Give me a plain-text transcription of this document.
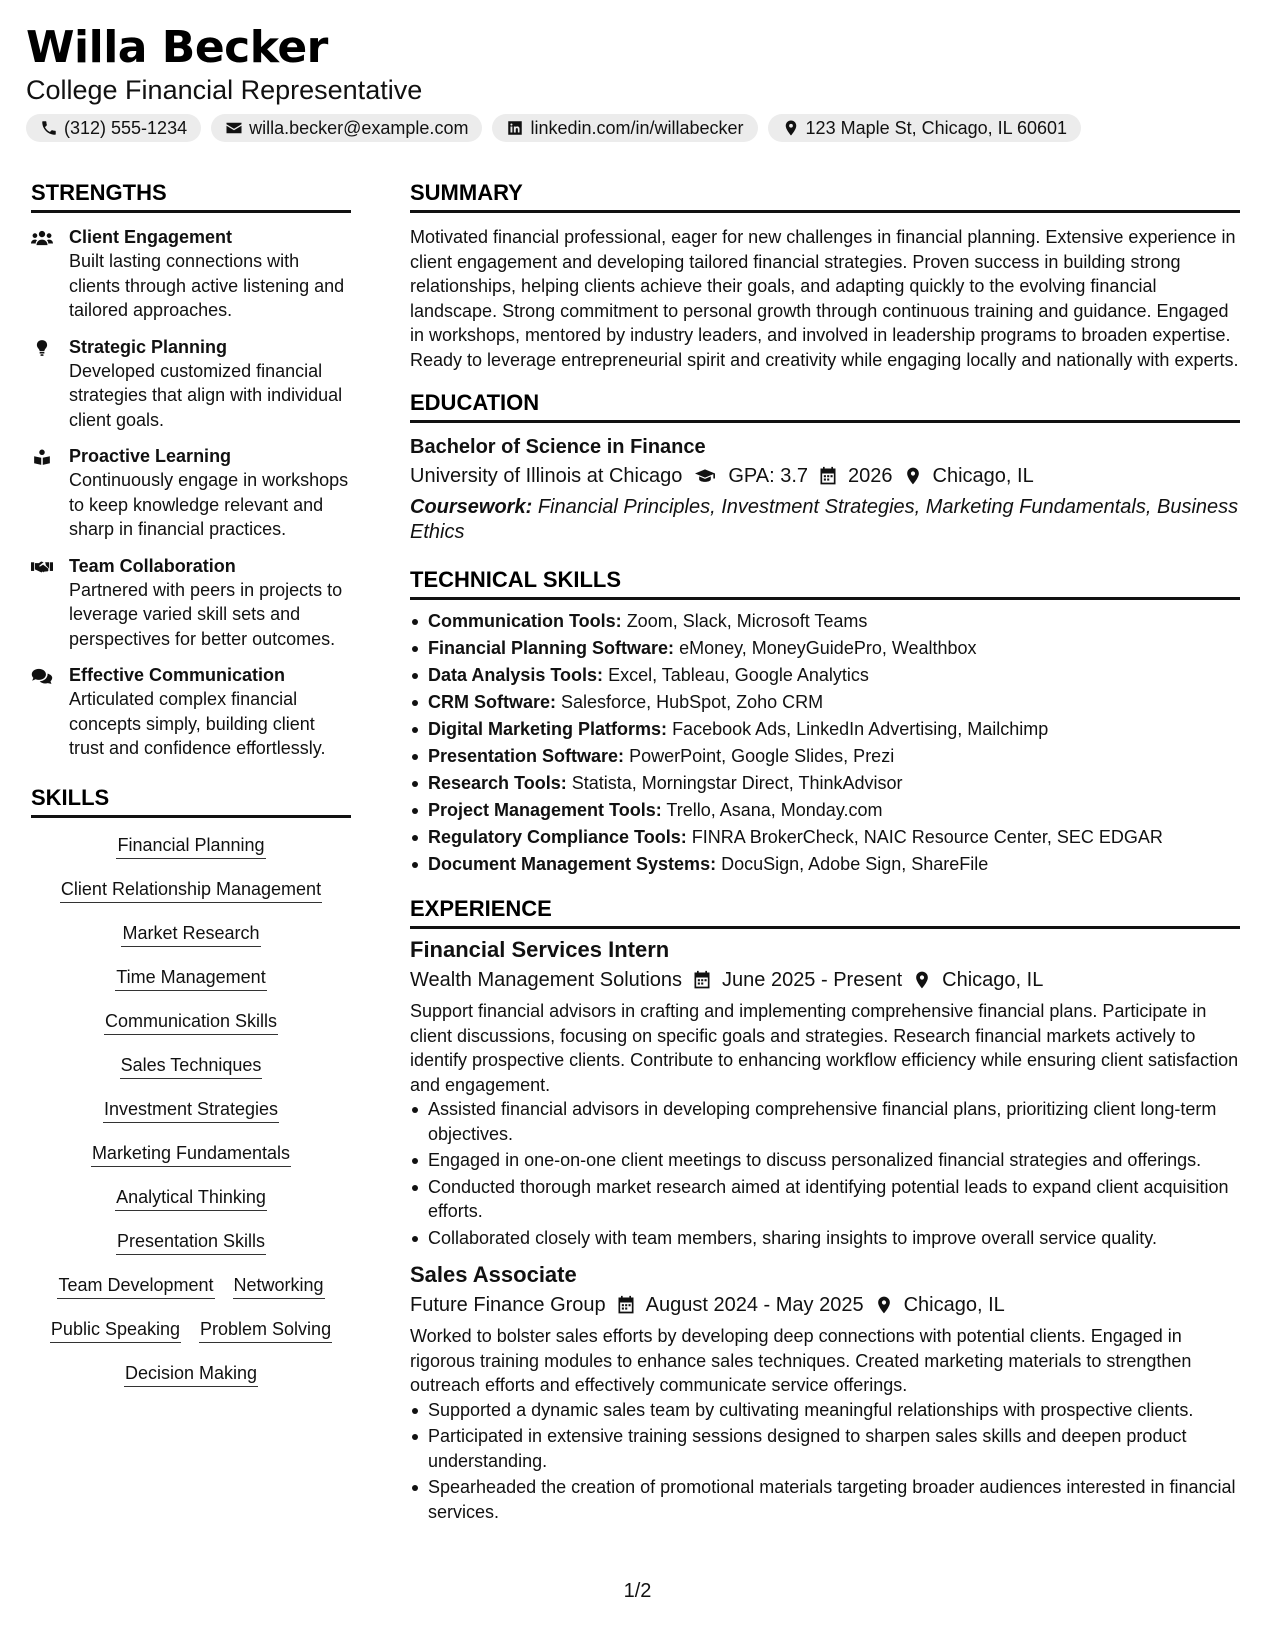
Willa Becker
College Financial Representative
(312) 555-1234	willa.becker@example.com	linkedin.com/in/willabecker	123 Maple St, Chicago, IL 60601
STRENGTHS
Client Engagement
Built lasting connections with clients through active listening and tailored approaches.
Strategic Planning
Developed customized financial strategies that align with individual client goals.
Proactive Learning
Continuously engage in workshops to keep knowledge relevant and sharp in financial practices.
Team Collaboration
Partnered with peers in projects to leverage varied skill sets and perspectives for better outcomes.
Effective Communication
Articulated complex financial concepts simply, building client trust and confidence effortlessly.
SKILLS
Financial Planning
Client Relationship Management
Market Research
Time Management
Communication Skills
Sales Techniques
Investment Strategies
Marketing Fundamentals
Analytical Thinking
Presentation Skills
Team Development Networking
Public Speaking Problem Solving
Decision Making
SUMMARY
Motivated financial professional, eager for new challenges in financial planning. Extensive experience in client engagement and developing tailored financial strategies. Proven success in building strong relationships, helping clients achieve their goals, and adapting quickly to the evolving financial landscape. Strong commitment to personal growth through continuous training and guidance. Engaged in workshops, mentored by industry leaders, and involved in leadership programs to broaden expertise. Ready to leverage entrepreneurial spirit and creativity while engaging locally and nationally with experts.
EDUCATION
Bachelor of Science in Finance
University of Illinois at Chicago GPA: 3.7 2026 Chicago, IL
Coursework: Financial Principles, Investment Strategies, Marketing Fundamentals, Business Ethics
TECHNICAL SKILLS
Communication Tools: Zoom, Slack, Microsoft Teams
Financial Planning Software: eMoney, MoneyGuidePro, Wealthbox
Data Analysis Tools: Excel, Tableau, Google Analytics
CRM Software: Salesforce, HubSpot, Zoho CRM
Digital Marketing Platforms: Facebook Ads, LinkedIn Advertising, Mailchimp
Presentation Software: PowerPoint, Google Slides, Prezi
Research Tools: Statista, Morningstar Direct, ThinkAdvisor
Project Management Tools: Trello, Asana, Monday.com
Regulatory Compliance Tools: FINRA BrokerCheck, NAIC Resource Center, SEC EDGAR
Document Management Systems: DocuSign, Adobe Sign, ShareFile
EXPERIENCE
Financial Services Intern
Wealth Management Solutions June 2025 - Present Chicago, IL
Support financial advisors in crafting and implementing comprehensive financial plans. Participate in client discussions, focusing on specific goals and strategies. Research financial markets actively to identify prospective clients. Contribute to enhancing workflow efficiency while ensuring client satisfaction and engagement.
Assisted financial advisors in developing comprehensive financial plans, prioritizing client long-term objectives.
Engaged in one-on-one client meetings to discuss personalized financial strategies and offerings.
Conducted thorough market research aimed at identifying potential leads to expand client acquisition efforts.
Collaborated closely with team members, sharing insights to improve overall service quality.
Sales Associate
Future Finance Group August 2024 - May 2025 Chicago, IL
Worked to bolster sales efforts by developing deep connections with potential clients. Engaged in rigorous training modules to enhance sales techniques. Created marketing materials to strengthen outreach efforts and effectively communicate service offerings.
Supported a dynamic sales team by cultivating meaningful relationships with prospective clients.
Participated in extensive training sessions designed to sharpen sales skills and deepen product understanding.
Spearheaded the creation of promotional materials targeting broader audiences interested in financial services.
1/2
